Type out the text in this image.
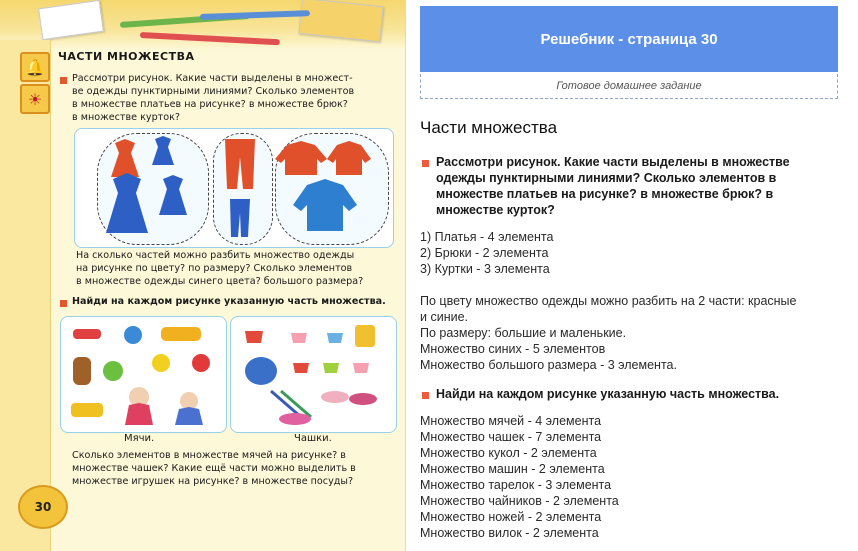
🔔
☀
ЧАСТИ МНОЖЕСТВА
Рассмотри рисунок. Какие части выделены в множест-
ве одежды пунктирными линиями? Сколько элементов
в множестве платьев на рисунке? в множестве брюк?
в множестве курток?
На сколько частей можно разбить множество одежды
на рисунке по цвету? по размеру? Сколько элементов
в множестве одежды синего цвета? большого размера?
Найди на каждом рисунке указанную часть множества.
Мячи.	Чашки.
Сколько элементов в множестве мячей на рисунке? в
множестве чашек? Какие ещё части можно выделить в
множестве игрушек на рисунке? в множестве посуды?
30
Решебник - страница 30
Готовое домашнее задание
Части множества
Рассмотри рисунок. Какие части выделены в множестве
одежды пунктирными линиями? Сколько элементов в
множестве платьев на рисунке? в множестве брюк? в
множестве курток?
1) Платья - 4 элемента
2) Брюки - 2 элемента
3) Куртки - 3 элемента
По цвету множество одежды можно разбить на 2 части: красные
и синие.
По размеру: большие и маленькие.
Множество синих - 5 элементов
Множество большого размера - 3 элемента.
Найди на каждом рисунке указанную часть множества.
Множество мячей - 4 элемента
Множество чашек - 7 элемента
Множество кукол - 2 элемента
Множество машин - 2 элемента
Множество тарелок - 3 элемента
Множество чайников - 2 элемента
Множество ножей - 2 элемента
Множество вилок - 2 элемента
